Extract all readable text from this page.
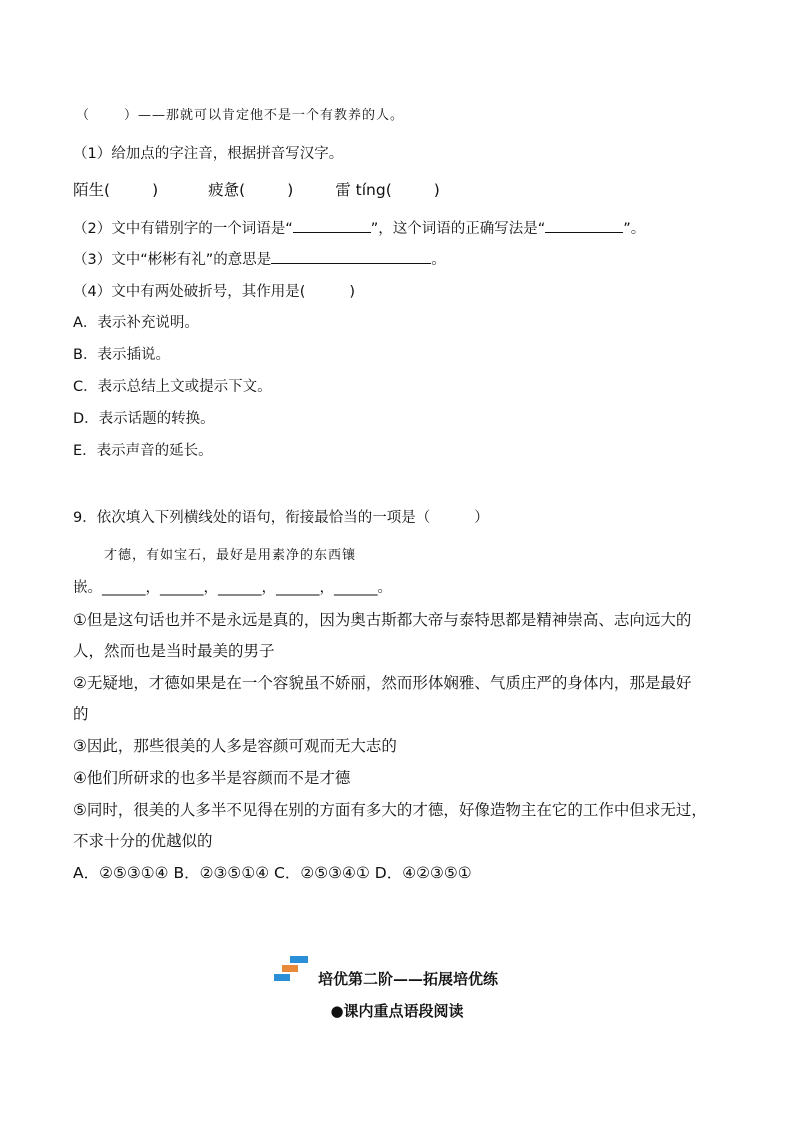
（	）——那就可以肯定他不是一个有教养的人。
（1）给加点的字注音，根据拼音写汉字。
陌生(	)	疲惫(	)	雷 tíng(	)
（2）文中有错别字的一个词语是“	”，这个词语的正确写法是“	”。
（3）文中“彬彬有礼”的意思是	。
（4）文中有两处破折号，其作用是(	)
A．表示补充说明。
B．表示插说。
C．表示总结上文或提示下文。
D．表示话题的转换。
E．表示声音的延长。
9．依次填入下列横线处的语句，衔接最恰当的一项是（	）
才德，有如宝石，最好是用素净的东西镶
嵌。______，______，______，______，______。
①但是这句话也并不是永远是真的，因为奥古斯都大帝与泰特思都是精神崇高、志向远大的
人，然而也是当时最美的男子
②无疑地，才德如果是在一个容貌虽不娇丽，然而形体娴雅、气质庄严的身体内，那是最好
的
③因此，那些很美的人多是容颜可观而无大志的
④他们所研求的也多半是容颜而不是才德
⑤同时，很美的人多半不见得在别的方面有多大的才德，好像造物主在它的工作中但求无过，
不求十分的优越似的
A．②⑤③①④ B．②③⑤①④ C．②⑤③④① D．④②③⑤①
培优第二阶——拓展培优练
●课内重点语段阅读
